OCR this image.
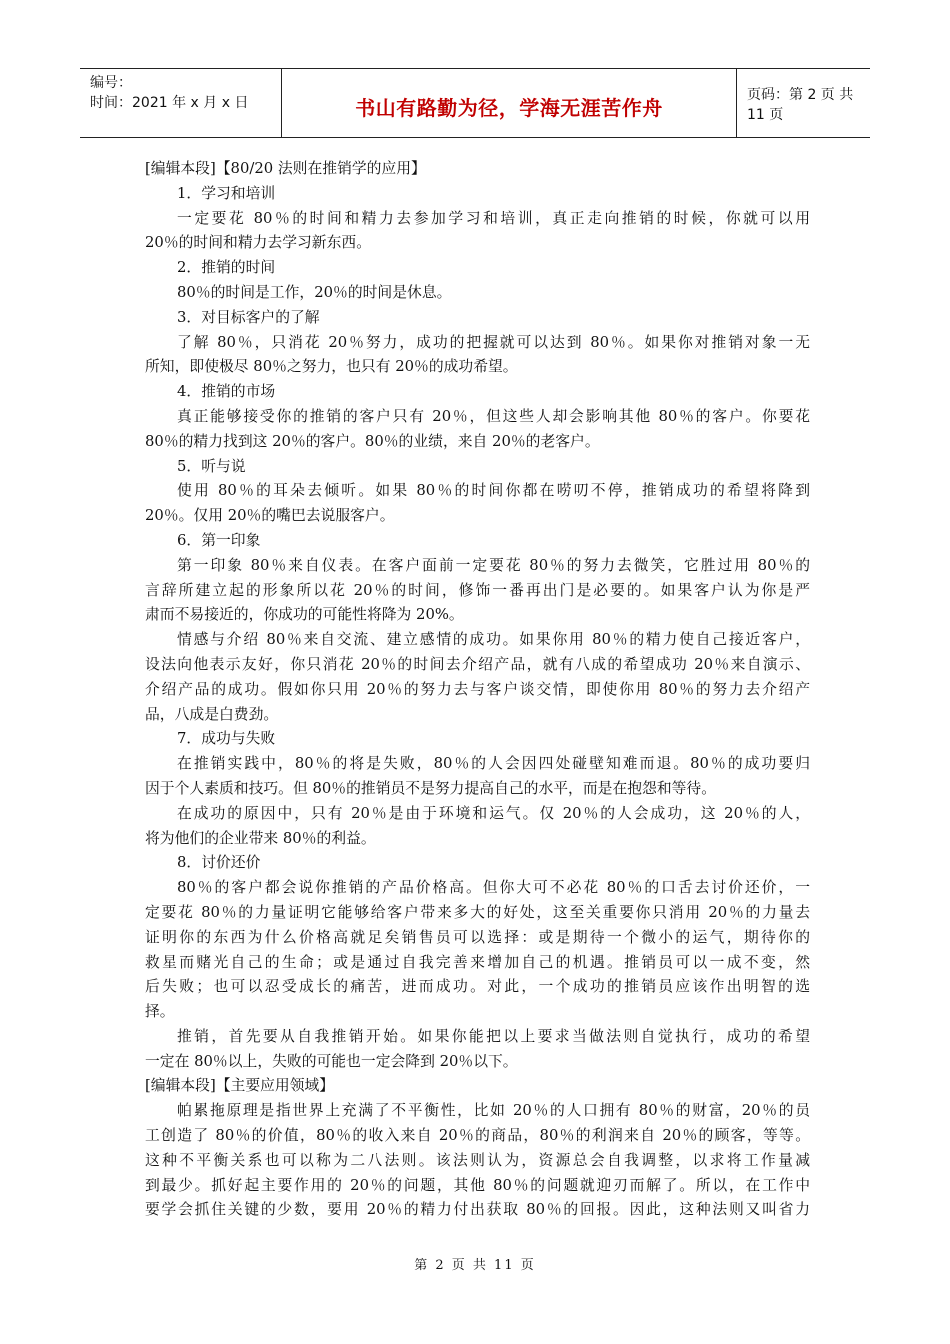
编号：
时间：2021 年 x 月 x 日	书山有路勤为径，学海无涯苦作舟
页码：第 2 页 共 11 页
[编辑本段]【80/20 法则在推销学的应用】
1．学习和培训
一定要花 80％的时间和精力去参加学习和培训，真正走向推销的时候，你就可以用
20％的时间和精力去学习新东西。
2．推销的时间
80％的时间是工作，20％的时间是休息。
3．对目标客户的了解
了解 80％，只消花 20％努力，成功的把握就可以达到 80％。如果你对推销对象一无
所知，即使极尽 80％之努力，也只有 20％的成功希望。
4．推销的市场
真正能够接受你的推销的客户只有 20％，但这些人却会影响其他 80％的客户。你要花
80％的精力找到这 20％的客户。80％的业绩，来自 20％的老客户。
5．听与说
使用 80％的耳朵去倾听。如果 80％的时间你都在唠叨不停，推销成功的希望将降到
20％。仅用 20％的嘴巴去说服客户。
6．第一印象
第一印象 80％来自仪表。在客户面前一定要花 80％的努力去微笑，它胜过用 80％的
言辞所建立起的形象所以花 20％的时间，修饰一番再出门是必要的。如果客户认为你是严
肃而不易接近的，你成功的可能性将降为 20%。
情感与介绍 80％来自交流、建立感情的成功。如果你用 80％的精力使自己接近客户，
设法向他表示友好，你只消花 20％的时间去介绍产品，就有八成的希望成功 20％来自演示、
介绍产品的成功。假如你只用 20％的努力去与客户谈交情，即使你用 80％的努力去介绍产
品，八成是白费劲。
7．成功与失败
在推销实践中，80％的将是失败，80％的人会因四处碰壁知难而退。80％的成功要归
因于个人素质和技巧。但 80％的推销员不是努力提高自己的水平，而是在抱怨和等待。
在成功的原因中，只有 20％是由于环境和运气。仅 20％的人会成功，这 20％的人，
将为他们的企业带来 80％的利益。
8．讨价还价
80％的客户都会说你推销的产品价格高。但你大可不必花 80％的口舌去讨价还价，一
定要花 80％的力量证明它能够给客户带来多大的好处，这至关重要你只消用 20％的力量去
证明你的东西为什么价格高就足矣销售员可以选择：或是期待一个微小的运气，期待你的
救星而赌光自己的生命；或是通过自我完善来增加自己的机遇。推销员可以一成不变，然
后失败；也可以忍受成长的痛苦，进而成功。对此，一个成功的推销员应该作出明智的选
择。
推销，首先要从自我推销开始。如果你能把以上要求当做法则自觉执行，成功的希望
一定在 80％以上，失败的可能也一定会降到 20％以下。
[编辑本段]【主要应用领域】
帕累拖原理是指世界上充满了不平衡性，比如 20％的人口拥有 80％的财富，20％的员
工创造了 80％的价值，80％的收入来自 20％的商品，80％的利润来自 20％的顾客，等等。
这种不平衡关系也可以称为二八法则。该法则认为，资源总会自我调整，以求将工作量减
到最少。抓好起主要作用的 20％的问题，其他 80％的问题就迎刃而解了。所以，在工作中
要学会抓住关键的少数，要用 20％的精力付出获取 80％的回报。因此，这种法则又叫省力
第 2 页 共 11 页
